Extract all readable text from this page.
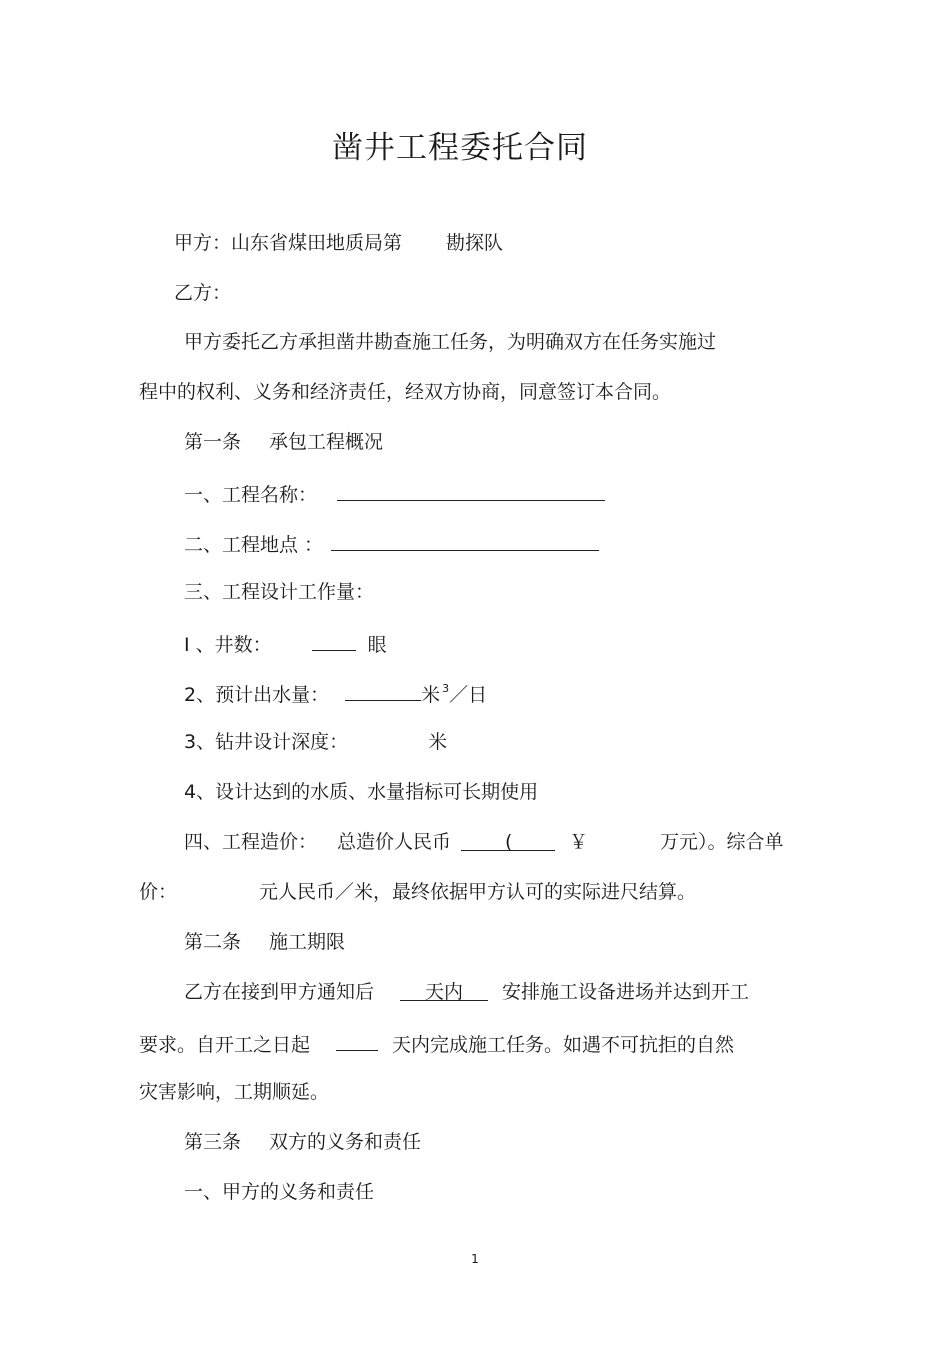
凿井工程委托合同
甲方：山东省煤田地质局第 勘探队
乙方：
甲方委托乙方承担凿井勘查施工任务，为明确双方在任务实施过
程中的权利、义务和经济责任，经双方协商，同意签订本合同。
第一条 承包工程概况
一、工程名称：
二、工程地点 ：
三、工程设计工作量：
I 、井数：	眼
2、预计出水量：	米 $^3$／日
3、钻井设计深度：	米
4、设计达到的水质、水量指标可长期使用
四、工程造价： 总造价人民币	(	￥	万元）。综合单
价：	元人民币／米，最终依据甲方认可的实际进尺结算。
第二条 施工期限
乙方在接到甲方通知后	天内 安排施工设备进场并达到开工
要求。自开工之日起	天内完成施工任务。如遇不可抗拒的自然
灾害影响，工期顺延。
第三条 双方的义务和责任
一、甲方的义务和责任
1
